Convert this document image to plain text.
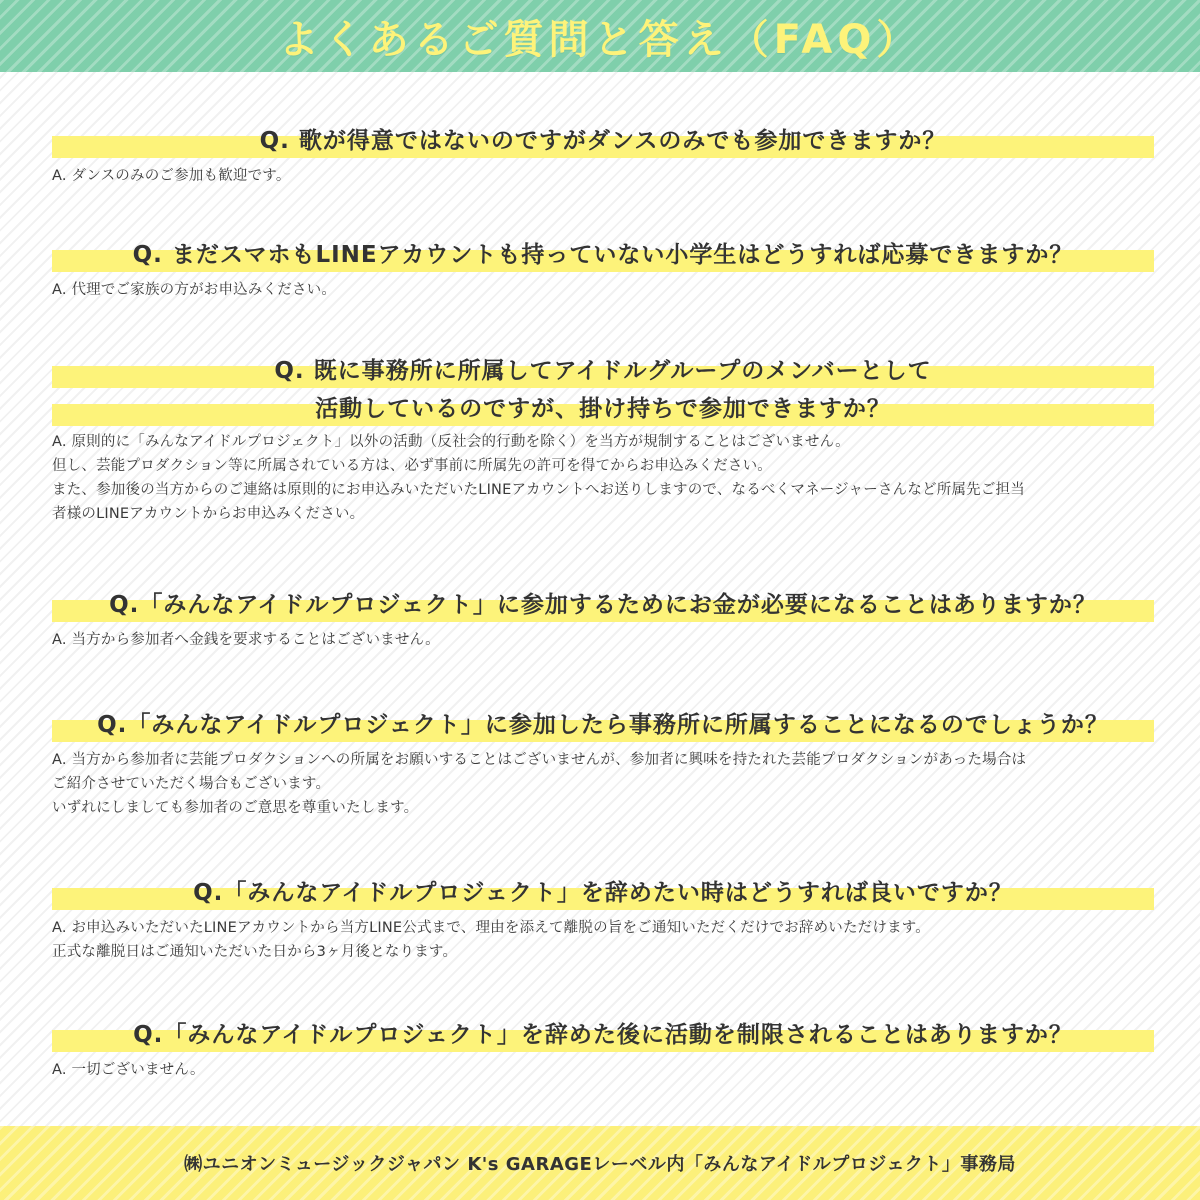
よくあるご質問と答え（FAQ）
Q. 歌が得意ではないのですがダンスのみでも参加できますか？
A. ダンスのみのご参加も歓迎です。
Q. まだスマホもLINEアカウントも持っていない小学生はどうすれば応募できますか？
A. 代理でご家族の方がお申込みください。
Q. 既に事務所に所属してアイドルグループのメンバーとして
活動しているのですが、掛け持ちで参加できますか？
A. 原則的に「みんなアイドルプロジェクト」以外の活動（反社会的行動を除く）を当方が規制することはございません。
但し、芸能プロダクション等に所属されている方は、必ず事前に所属先の許可を得てからお申込みください。
また、参加後の当方からのご連絡は原則的にお申込みいただいたLINEアカウントへお送りしますので、なるべくマネージャーさんなど所属先ご担当
者様のLINEアカウントからお申込みください。
Q.「みんなアイドルプロジェクト」に参加するためにお金が必要になることはありますか？
A. 当方から参加者へ金銭を要求することはございません。
Q.「みんなアイドルプロジェクト」に参加したら事務所に所属することになるのでしょうか？
A. 当方から参加者に芸能プロダクションへの所属をお願いすることはございませんが、参加者に興味を持たれた芸能プロダクションがあった場合は
ご紹介させていただく場合もございます。
いずれにしましても参加者のご意思を尊重いたします。
Q.「みんなアイドルプロジェクト」を辞めたい時はどうすれば良いですか？
A. お申込みいただいたLINEアカウントから当方LINE公式まで、理由を添えて離脱の旨をご通知いただくだけでお辞めいただけます。
正式な離脱日はご通知いただいた日から3ヶ月後となります。
Q.「みんなアイドルプロジェクト」を辞めた後に活動を制限されることはありますか？
A. 一切ございません。
㈱ユニオンミュージックジャパン K's GARAGEレーベル内「みんなアイドルプロジェクト」事務局
